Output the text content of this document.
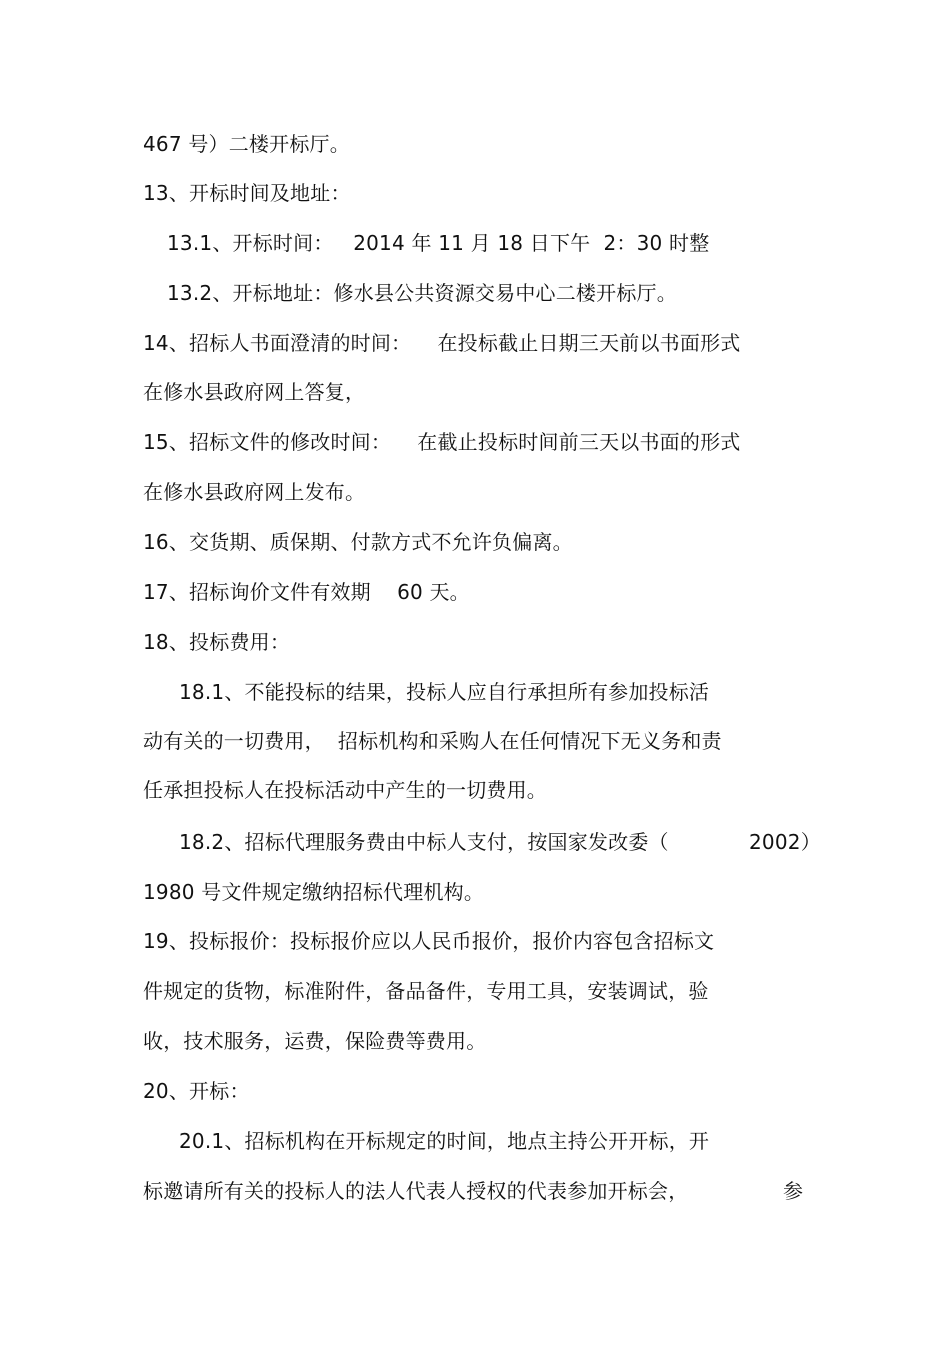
467 号）二楼开标厅。
13、开标时间及地址：
13.1、开标时间：   2014 年 11 月 18 日下午  2：30 时整
13.2、开标地址：修水县公共资源交易中心二楼开标厅。
14、招标人书面澄清的时间：    在投标截止日期三天前以书面形式
在修水县政府网上答复，
15、招标文件的修改时间：    在截止投标时间前三天以书面的形式
在修水县政府网上发布。
16、交货期、质保期、付款方式不允许负偏离。
17、招标询价文件有效期    60 天。
18、投标费用：
18.1、不能投标的结果，投标人应自行承担所有参加投标活
动有关的一切费用，  招标机构和采购人在任何情况下无义务和责
任承担投标人在投标活动中产生的一切费用。
18.2、招标代理服务费由中标人支付，按国家发改委（	2002）
1980 号文件规定缴纳招标代理机构。
19、投标报价：投标报价应以人民币报价，报价内容包含招标文
件规定的货物，标准附件，备品备件，专用工具，安装调试，验
收，技术服务，运费，保险费等费用。
20、开标：
20.1、招标机构在开标规定的时间，地点主持公开开标，开
标邀请所有关的投标人的法人代表人授权的代表参加开标会，	参
